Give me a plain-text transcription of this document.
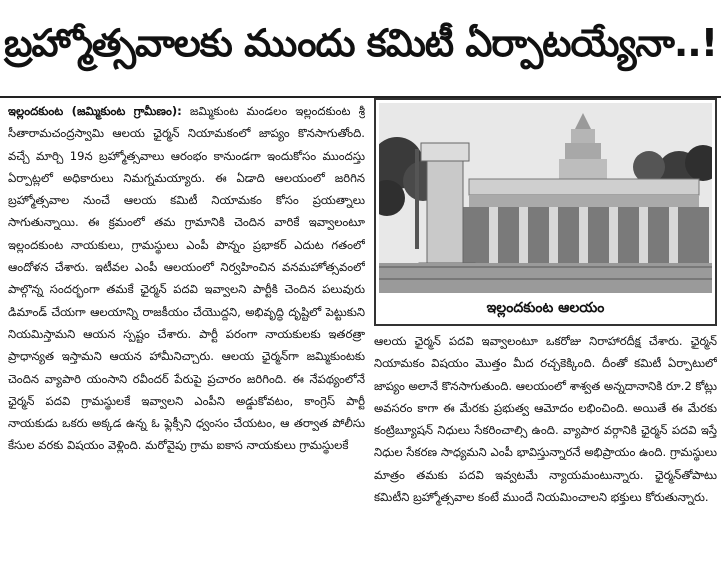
బ్రహ్మోత్సవాలకు ముందు కమిటీ ఏర్పాటయ్యేనా..!
ఇల్లందకుంట (జమ్మికుంట గ్రామీణం): జమ్మికుంట మండలం ఇల్లందకుంట శ్రీ సీతారామచంద్రస్వామి ఆలయ ఛైర్మన్ నియామకంలో జాప్యం కొనసాగుతోంది. వచ్చే మార్చి 19న బ్రహ్మోత్సవాలు ఆరంభం కానుండగా ఇందుకోసం ముందస్తు ఏర్పాట్లలో అధికారులు నిమగ్నమయ్యారు. ఈ ఏడాది ఆలయంలో జరిగిన బ్రహ్మోత్సవాల నుంచే ఆలయ కమిటీ నియామకం కోసం ప్రయత్నాలు సాగుతున్నాయి. ఈ క్రమంలో తమ గ్రామానికి చెందిన వారికే ఇవ్వాలంటూ ఇల్లందకుంట నాయకులు, గ్రామస్థులు ఎంపీ పొన్నం ప్రభాకర్ ఎదుట గతంలో ఆందోళన చేశారు. ఇటీవల ఎంపీ ఆలయంలో నిర్వహించిన వనమహోత్సవంలో పాల్గొన్న సందర్భంగా తమకే ఛైర్మన్ పదవి ఇవ్వాలని పార్టీకి చెందిన పలువురు డిమాండ్ చేయగా ఆలయాన్ని రాజకీయం చేయొద్దని, అభివృద్ధి దృష్టిలో పెట్టుకుని నియమిస్తామని ఆయన స్పష్టం చేశారు. పార్టీ పరంగా నాయకులకు ఇతరత్రా ప్రాధాన్యత ఇస్తామని ఆయన హామీనిచ్చారు. ఆలయ ఛైర్మన్‌గా జమ్మికుంటకు చెందిన వ్యాపారి యంసాని రవీందర్ పేరుపై ప్రచారం జరిగింది. ఈ నేపథ్యంలోనే ఛైర్మన్ పదవి గ్రామస్థులకే ఇవ్వాలని ఎంపీని అడ్డుకోవటం, కాంగ్రెస్ పార్టీ నాయకుడు ఒకరు అక్కడ ఉన్న ఓ ఫ్లెక్సీని ధ్వంసం చేయటం, ఆ తర్వాత పోలీసు కేసుల వరకు విషయం వెళ్లింది. మరోవైపు గ్రామ ఐకాస నాయకులు గ్రామస్థులకే
ఇల్లందకుంట ఆలయం
ఆలయ ఛైర్మన్ పదవి ఇవ్వాలంటూ ఒకరోజు నిరాహారదీక్ష చేశారు. ఛైర్మన్ నియామకం విషయం మొత్తం మీద రచ్చకెక్కింది. దీంతో కమిటీ ఏర్పాటులో జాప్యం అలానే కొనసాగుతుంది. ఆలయంలో శాశ్వత అన్నదానానికి రూ.2 కోట్లు అవసరం కాగా ఈ మేరకు ప్రభుత్వ ఆమోదం లభించింది. అయితే ఈ మేరకు కంట్రిబ్యూషన్ నిధులు సేకరించాల్సి ఉంది. వ్యాపార వర్గానికి ఛైర్మన్ పదవి ఇస్తే నిధుల సేకరణ సాధ్యమని ఎంపీ భావిస్తున్నారనే అభిప్రాయం ఉంది. గ్రామస్థులు మాత్రం తమకు పదవి ఇవ్వటమే న్యాయమంటున్నారు. ఛైర్మన్‌తోపాటు కమిటీని బ్రహ్మోత్సవాల కంటే ముందే నియమించాలని భక్తులు కోరుతున్నారు.
